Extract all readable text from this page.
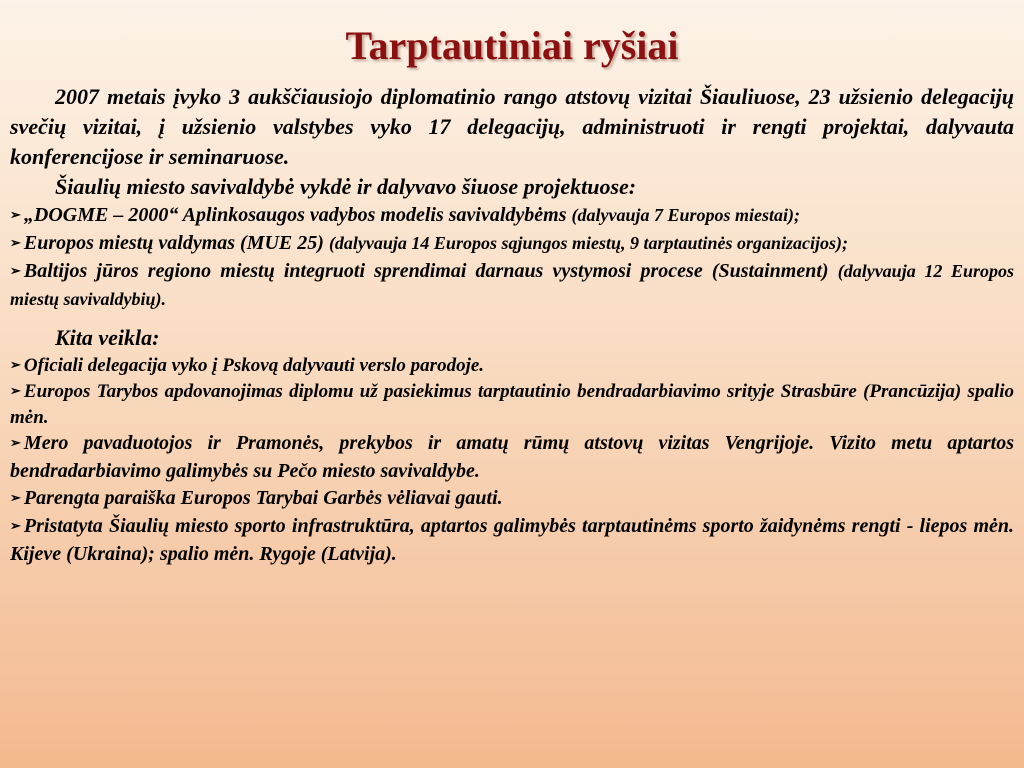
Tarptautiniai ryšiai

2007 metais įvyko 3 aukščiausiojo diplomatinio rango atstovų vizitai Šiauliuose, 23 užsienio delegacijų svečių vizitai, į užsienio valstybes vyko 17 delegacijų, administruoti ir rengti projektai, dalyvauta konferencijose ir seminaruose.

Šiaulių miesto savivaldybė vykdė ir dalyvavo šiuose projektuose:

➢ „DOGME – 2000“ Aplinkosaugos vadybos modelis savivaldybėms (dalyvauja 7 Europos miestai);

➢ Europos miestų valdymas (MUE 25) (dalyvauja 14 Europos sąjungos miestų, 9 tarptautinės organizacijos);

➢ Baltijos jūros regiono miestų integruoti sprendimai darnaus vystymosi procese (Sustainment) (dalyvauja 12 Europos miestų savivaldybių).

Kita veikla:

➢ Oficiali delegacija vyko į Pskovą dalyvauti verslo parodoje.

➢ Europos Tarybos apdovanojimas diplomu už pasiekimus tarptautinio bendradarbiavimo srityje Strasbūre (Prancūzija) spalio mėn.

➢ Mero pavaduotojos ir Pramonės, prekybos ir amatų rūmų atstovų vizitas Vengrijoje. Vizito metu aptartos bendradarbiavimo galimybės su Pečo miesto savivaldybe.

➢ Parengta paraiška Europos Tarybai Garbės vėliavai gauti.

➢ Pristatyta Šiaulių miesto sporto infrastruktūra, aptartos galimybės tarptautinėms sporto žaidynėms rengti - liepos mėn. Kijeve (Ukraina); spalio mėn. Rygoje (Latvija).
